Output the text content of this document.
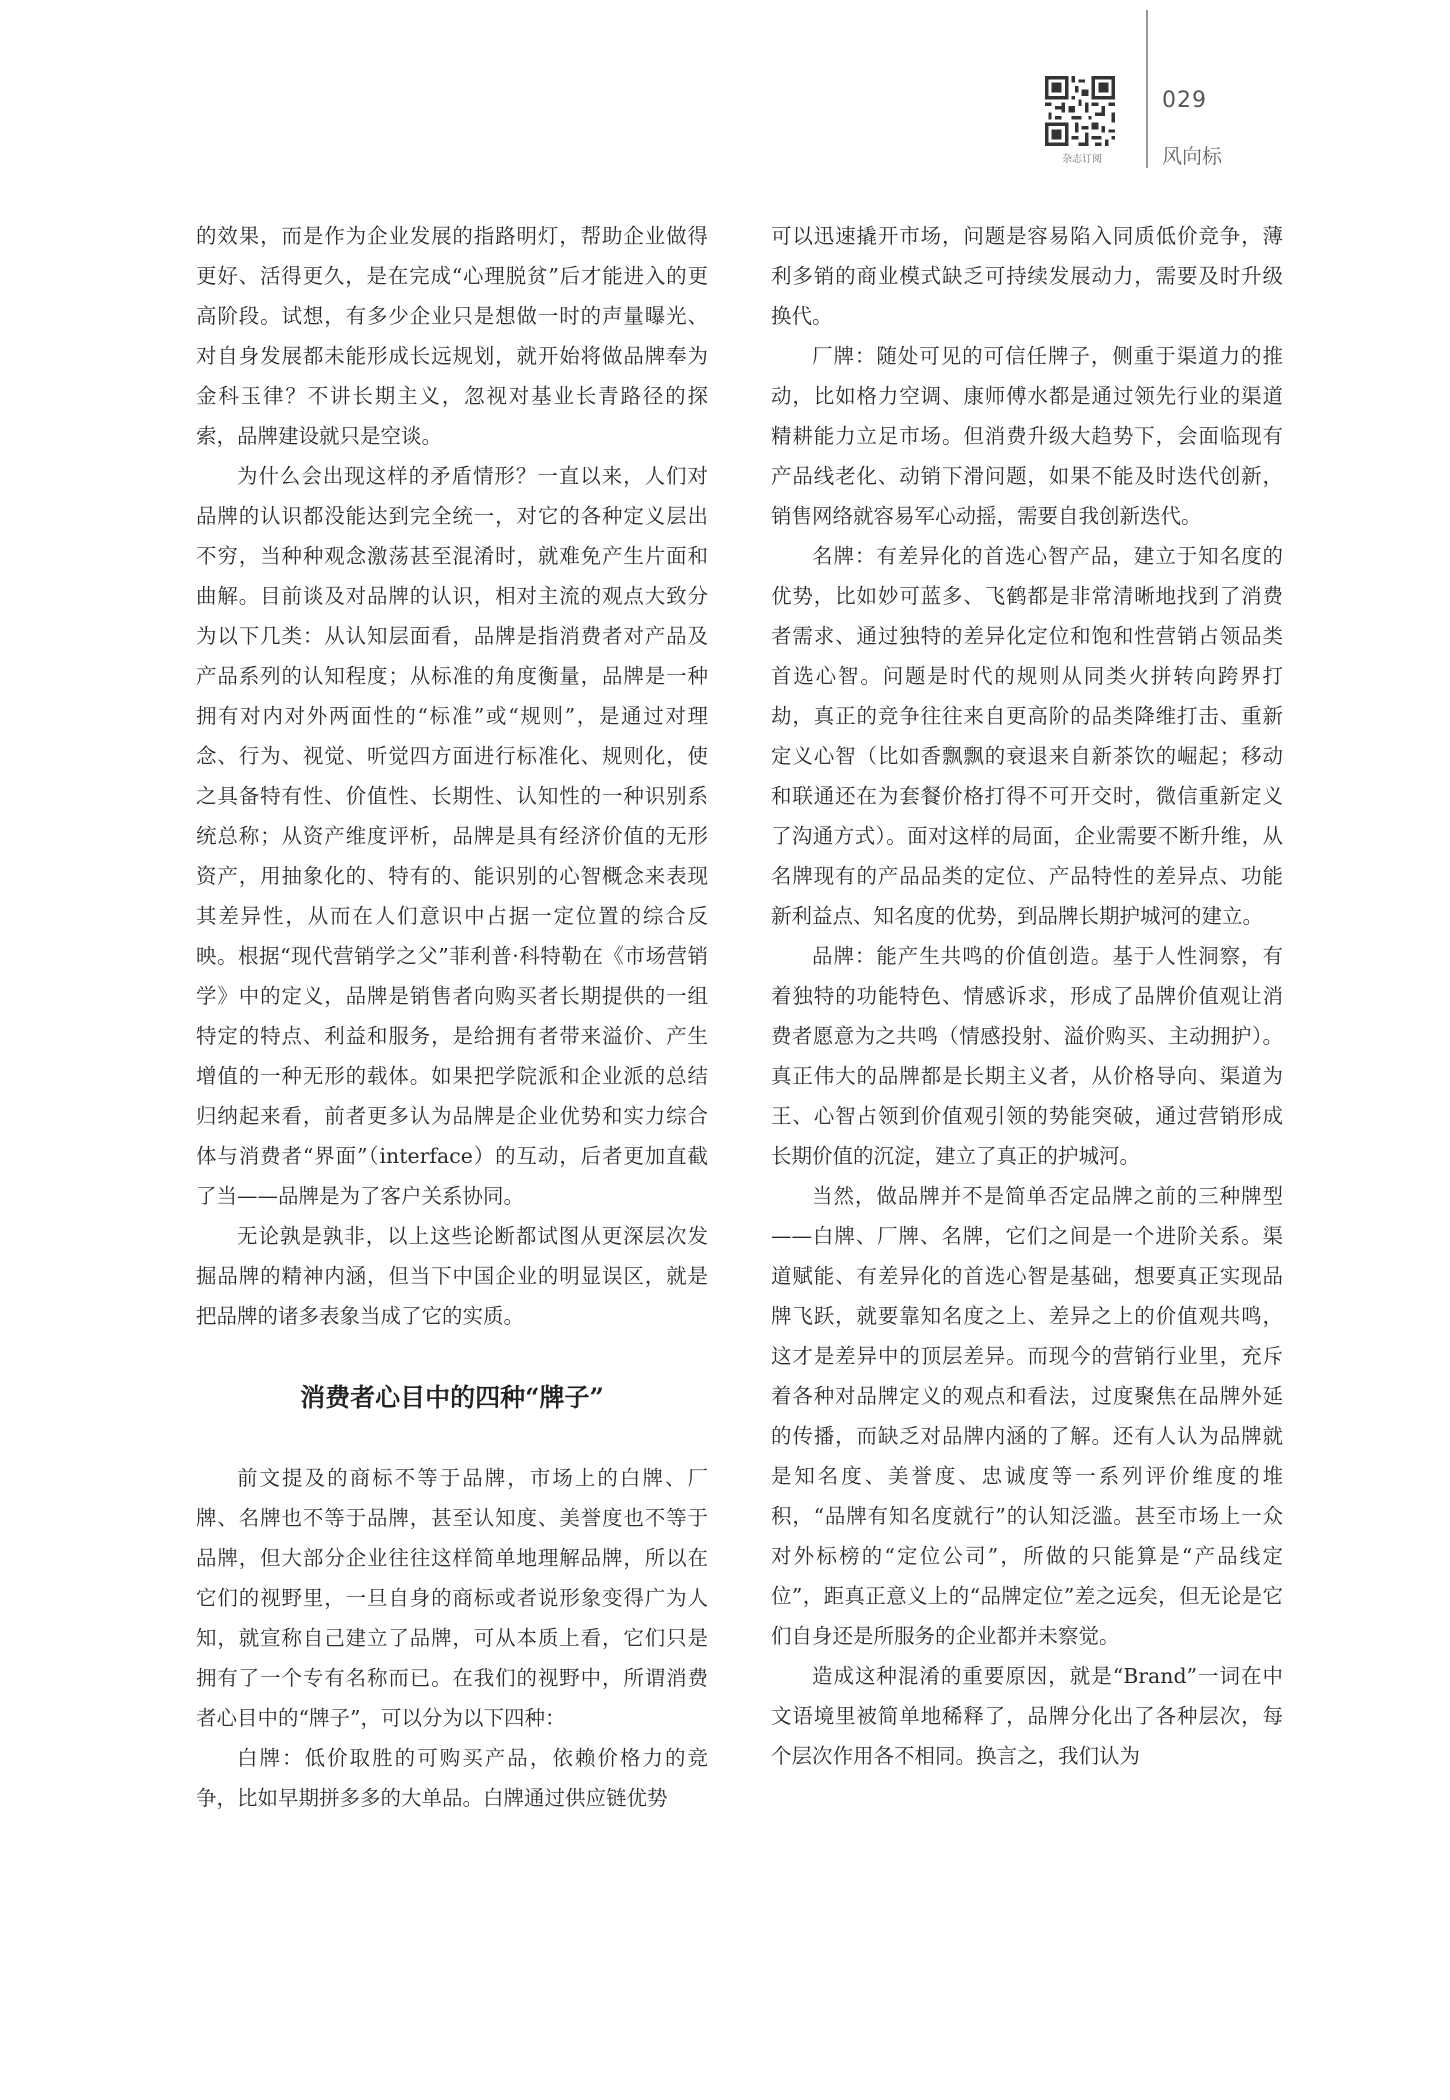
杂志订阅
029
风向标

的效果，而是作为企业发展的指路明灯，帮助企业做得更好、活得更久，是在完成“心理脱贫”后才能进入的更高阶段。试想，有多少企业只是想做一时的声量曝光、对自身发展都未能形成长远规划，就开始将做品牌奉为金科玉律？不讲长期主义，忽视对基业长青路径的探索，品牌建设就只是空谈。

为什么会出现这样的矛盾情形？一直以来，人们对品牌的认识都没能达到完全统一，对它的各种定义层出不穷，当种种观念激荡甚至混淆时，就难免产生片面和曲解。目前谈及对品牌的认识，相对主流的观点大致分为以下几类：从认知层面看，品牌是指消费者对产品及产品系列的认知程度；从标准的角度衡量，品牌是一种拥有对内对外两面性的“标准”或“规则”，是通过对理念、行为、视觉、听觉四方面进行标准化、规则化，使之具备特有性、价值性、长期性、认知性的一种识别系统总称；从资产维度评析，品牌是具有经济价值的无形资产，用抽象化的、特有的、能识别的心智概念来表现其差异性，从而在人们意识中占据一定位置的综合反映。根据“现代营销学之父”菲利普·科特勒在《市场营销学》中的定义，品牌是销售者向购买者长期提供的一组特定的特点、利益和服务，是给拥有者带来溢价、产生增值的一种无形的载体。如果把学院派和企业派的总结归纳起来看，前者更多认为品牌是企业优势和实力综合体与消费者“界面”（interface）的互动，后者更加直截了当——品牌是为了客户关系协同。

无论孰是孰非，以上这些论断都试图从更深层次发掘品牌的精神内涵，但当下中国企业的明显误区，就是把品牌的诸多表象当成了它的实质。

消费者心目中的四种“牌子”

前文提及的商标不等于品牌，市场上的白牌、厂牌、名牌也不等于品牌，甚至认知度、美誉度也不等于品牌，但大部分企业往往这样简单地理解品牌，所以在它们的视野里，一旦自身的商标或者说形象变得广为人知，就宣称自己建立了品牌，可从本质上看，它们只是拥有了一个专有名称而已。在我们的视野中，所谓消费者心目中的“牌子”，可以分为以下四种：

白牌：低价取胜的可购买产品，依赖价格力的竞争，比如早期拼多多的大单品。白牌通过供应链优势

可以迅速撬开市场，问题是容易陷入同质低价竞争，薄利多销的商业模式缺乏可持续发展动力，需要及时升级换代。

厂牌：随处可见的可信任牌子，侧重于渠道力的推动，比如格力空调、康师傅水都是通过领先行业的渠道精耕能力立足市场。但消费升级大趋势下，会面临现有产品线老化、动销下滑问题，如果不能及时迭代创新，销售网络就容易军心动摇，需要自我创新迭代。

名牌：有差异化的首选心智产品，建立于知名度的优势，比如妙可蓝多、飞鹤都是非常清晰地找到了消费者需求、通过独特的差异化定位和饱和性营销占领品类首选心智。问题是时代的规则从同类火拼转向跨界打劫，真正的竞争往往来自更高阶的品类降维打击、重新定义心智（比如香飘飘的衰退来自新茶饮的崛起；移动和联通还在为套餐价格打得不可开交时，微信重新定义了沟通方式）。面对这样的局面，企业需要不断升维，从名牌现有的产品品类的定位、产品特性的差异点、功能新利益点、知名度的优势，到品牌长期护城河的建立。

品牌：能产生共鸣的价值创造。基于人性洞察，有着独特的功能特色、情感诉求，形成了品牌价值观让消费者愿意为之共鸣（情感投射、溢价购买、主动拥护）。真正伟大的品牌都是长期主义者，从价格导向、渠道为王、心智占领到价值观引领的势能突破，通过营销形成长期价值的沉淀，建立了真正的护城河。

当然，做品牌并不是简单否定品牌之前的三种牌型——白牌、厂牌、名牌，它们之间是一个进阶关系。渠道赋能、有差异化的首选心智是基础，想要真正实现品牌飞跃，就要靠知名度之上、差异之上的价值观共鸣，这才是差异中的顶层差异。而现今的营销行业里，充斥着各种对品牌定义的观点和看法，过度聚焦在品牌外延的传播，而缺乏对品牌内涵的了解。还有人认为品牌就是知名度、美誉度、忠诚度等一系列评价维度的堆积，“品牌有知名度就行”的认知泛滥。甚至市场上一众对外标榜的“定位公司”，所做的只能算是“产品线定位”，距真正意义上的“品牌定位”差之远矣，但无论是它们自身还是所服务的企业都并未察觉。

造成这种混淆的重要原因，就是“Brand”一词在中文语境里被简单地稀释了，品牌分化出了各种层次，每个层次作用各不相同。换言之，我们认为
